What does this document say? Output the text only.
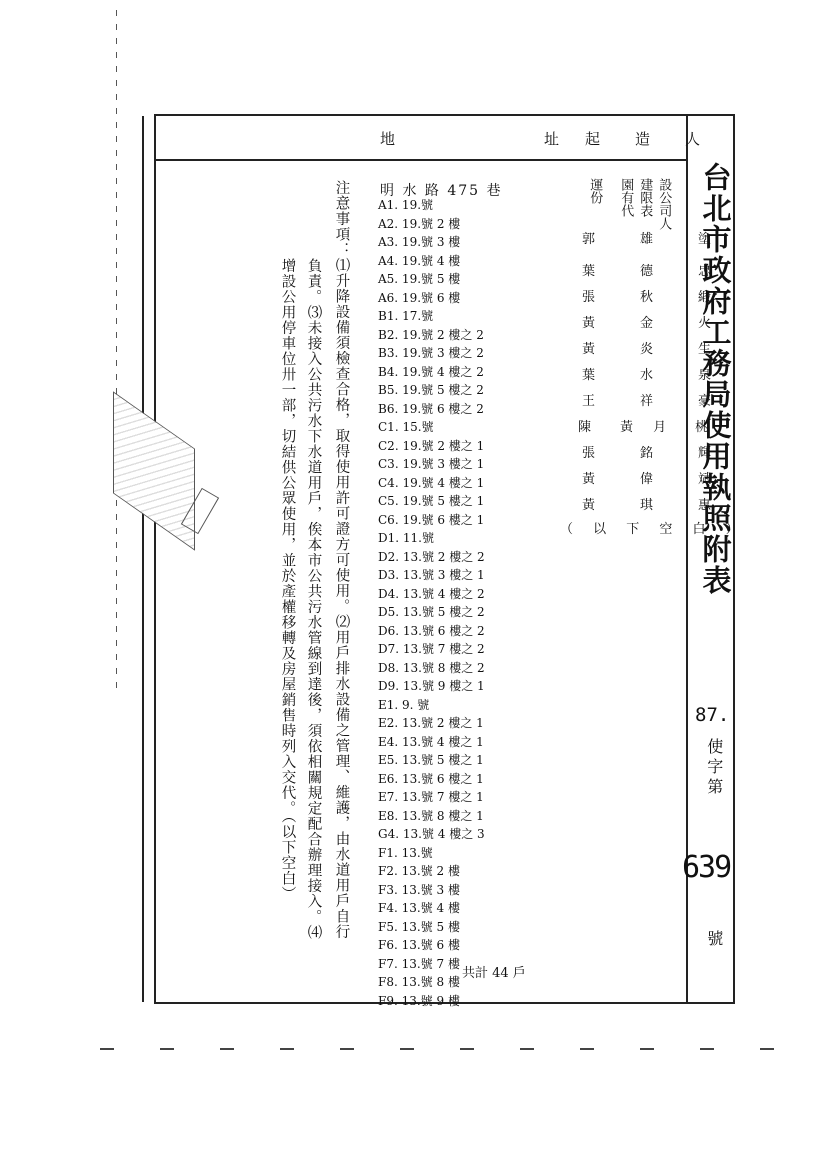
地	址 起　造　人
台北市政府工務局使用執照附表
87.
使字第
639
號
明 水 路 475 巷
A1. 19.號
A2. 19.號 2 樓
A3. 19.號 3 樓
A4. 19.號 4 樓
A5. 19.號 5 樓
A6. 19.號 6 樓
B1. 17.號
B2. 19.號 2 樓之 2
B3. 19.號 3 樓之 2
B4. 19.號 4 樓之 2
B5. 19.號 5 樓之 2
B6. 19.號 6 樓之 2
C1. 15.號
C2. 19.號 2 樓之 1
C3. 19.號 3 樓之 1
C4. 19.號 4 樓之 1
C5. 19.號 5 樓之 1
C6. 19.號 6 樓之 1
D1. 11.號
D2. 13.號 2 樓之 2
D3. 13.號 3 樓之 1
D4. 13.號 4 樓之 2
D5. 13.號 5 樓之 2
D6. 13.號 6 樓之 2
D7. 13.號 7 樓之 2
D8. 13.號 8 樓之 2
D9. 13.號 9 樓之 1
E1. 9. 號
E2. 13.號 2 樓之 1
E4. 13.號 4 樓之 1
E5. 13.號 5 樓之 1
E6. 13.號 6 樓之 1
E7. 13.號 7 樓之 1
E8. 13.號 8 樓之 1
G4. 13.號 4 樓之 3
F1. 13.號
F2. 13.號 2 樓
F3. 13.號 3 樓
F4. 13.號 4 樓
F5. 13.號 5 樓
F6. 13.號 6 樓
F7. 13.號 7 樓
F8. 13.號 8 樓
F9. 13.號 9 樓
共計 44 戶
設公司人
建限表
園有代
運份
郭　雄　塗
葉　德　忠
張　秋　緞
黃　金　火
黃　炎　生
葉　水　泉
王　祥　豪
陳　黃 月　桃
張　銘　輝
黃　偉　斌
黃　琪　惠
（ 以 下 空 白 ）
注意事項：⑴升降設備須檢查合格，取得使用許可證方可使用。⑵用戶排水設備之管理、維護，由水道用戶自行
負責。⑶未接入公共污水下水道用戶，俟本市公共污水管線到達後，須依相關規定配合辦理接入。⑷
增設公用停車位卅一部，切結供公眾使用，並於產權移轉及房屋銷售時列入交代。（以下空白）
